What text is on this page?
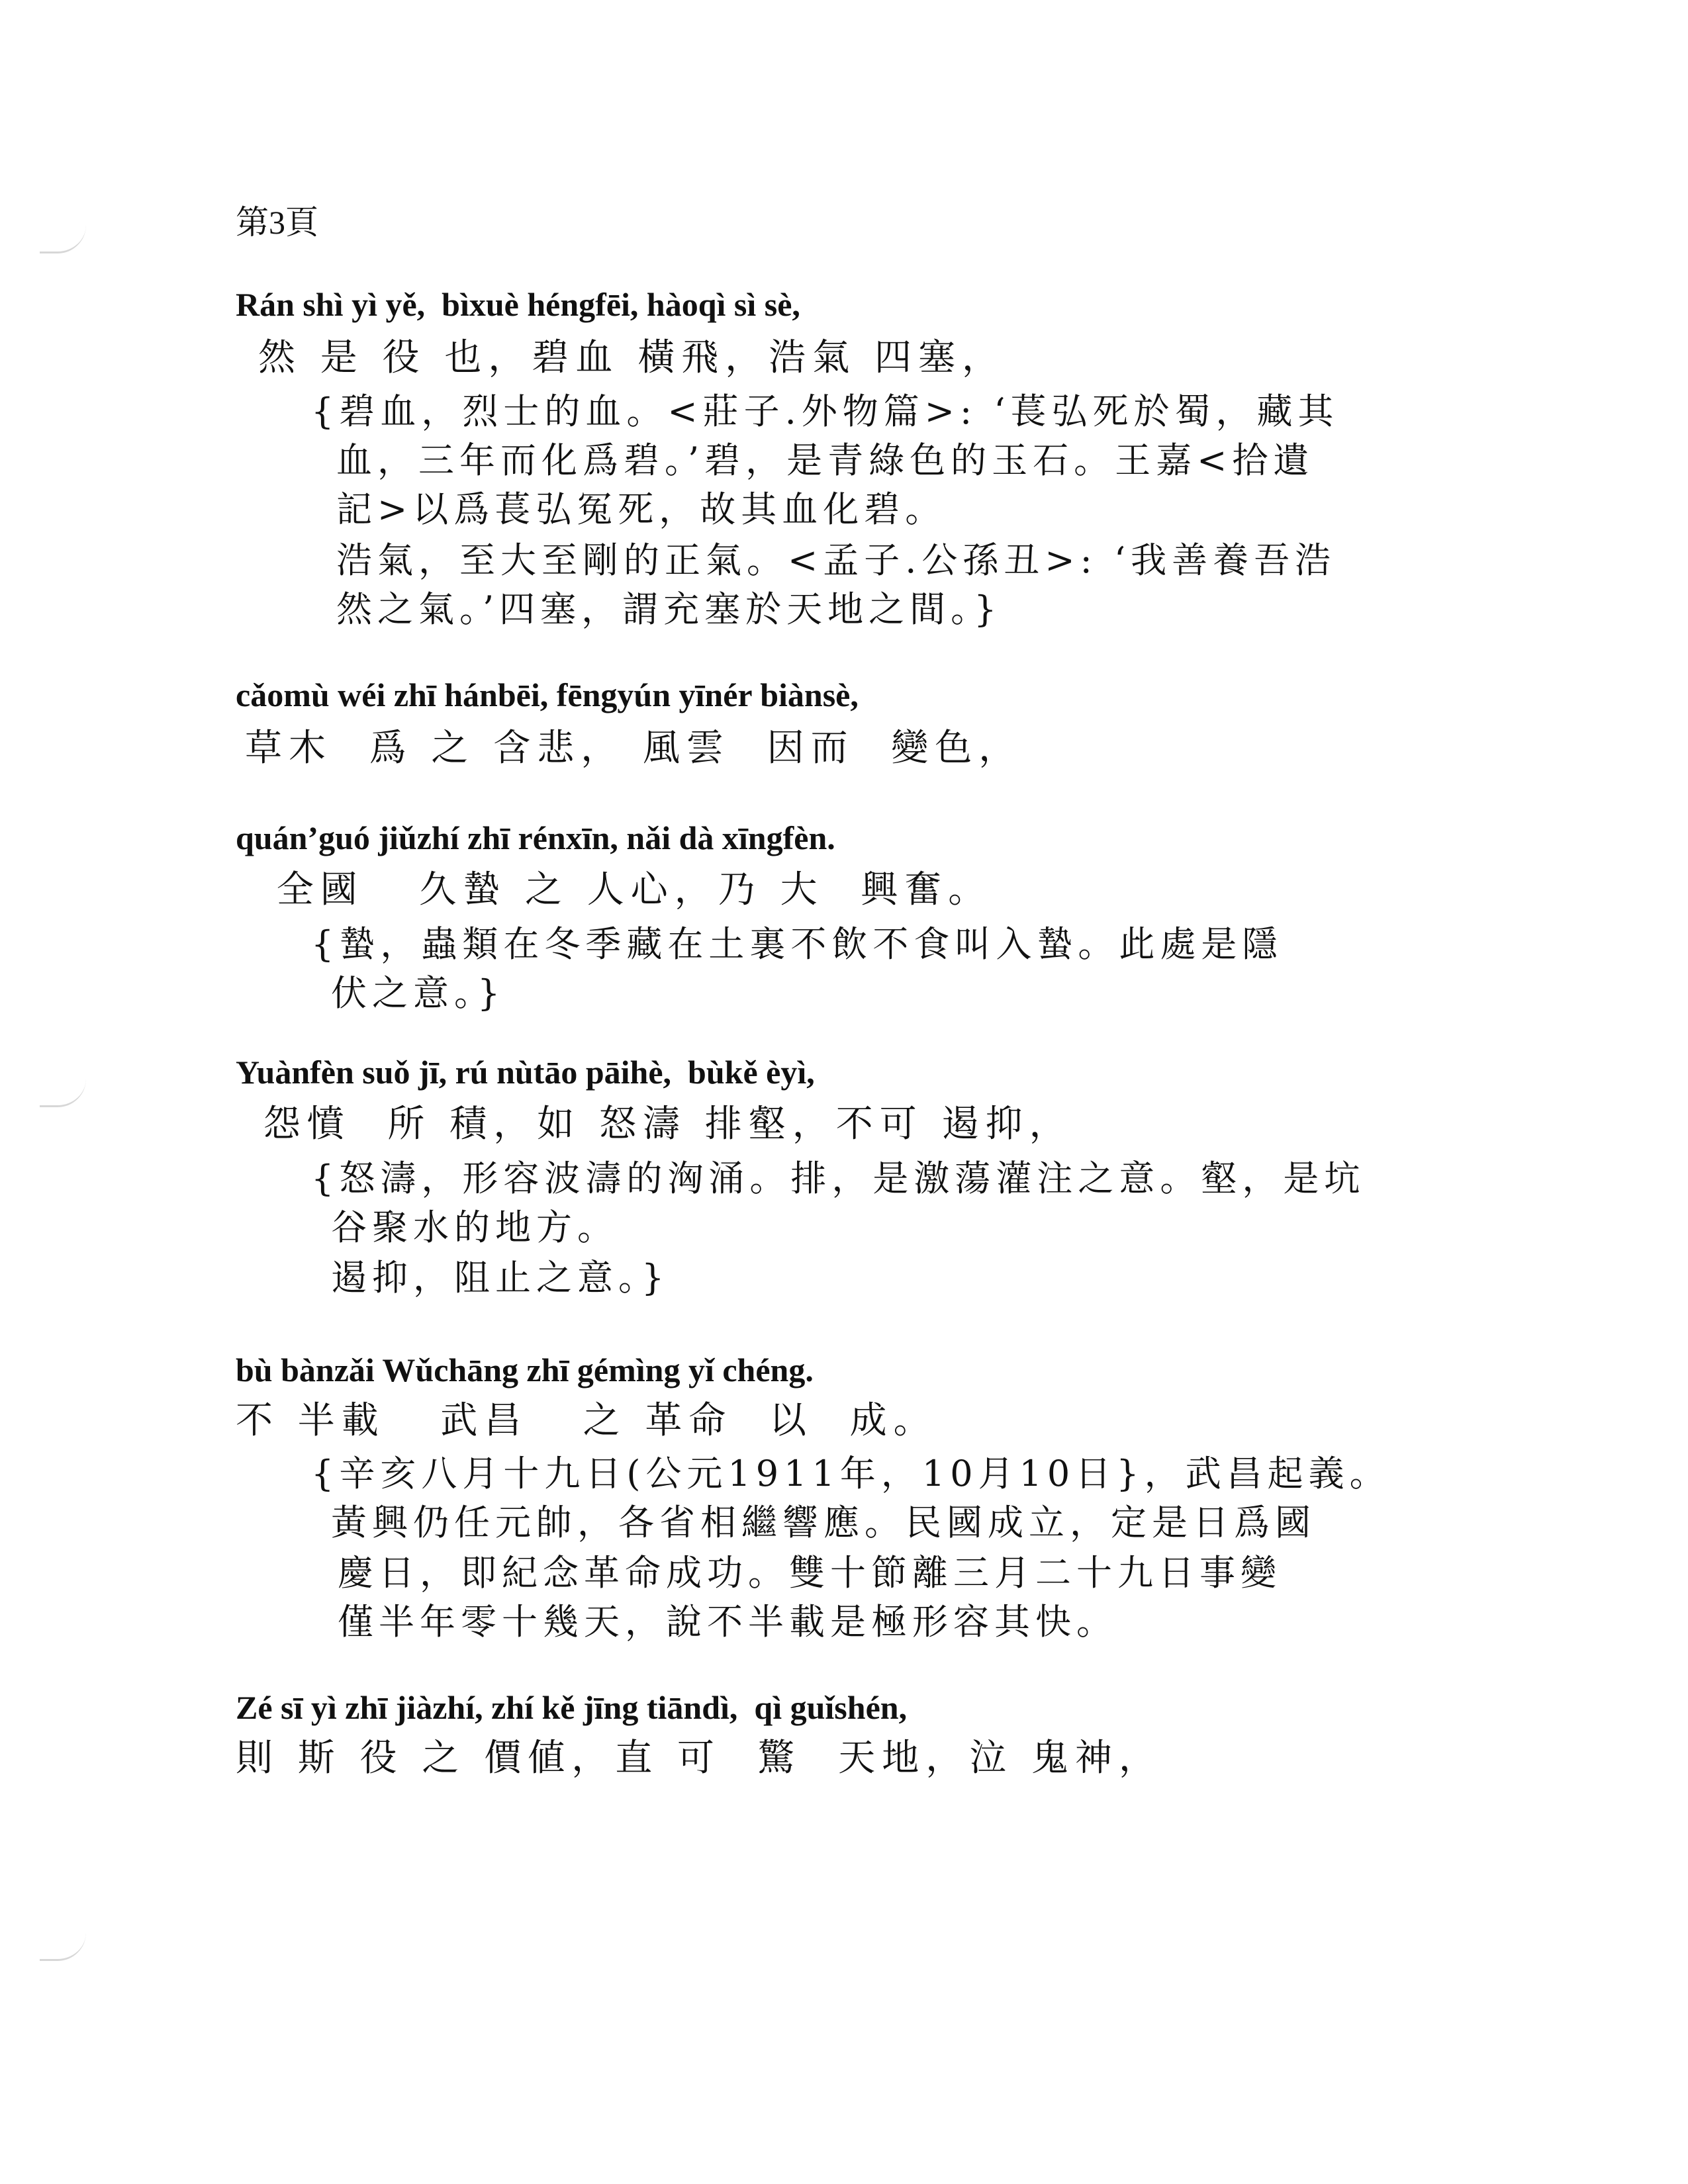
第3頁
Rán shì yì yě,  bìxuè héngfēi, hàoqì sì sè,
然 是 役 也，碧血 橫飛，浩氣 四塞，
{碧血，烈士的血。<莊子.外物篇>: ‘萇弘死於蜀，藏其
血，三年而化爲碧。’碧，是青綠色的玉石。王嘉<拾遺
記>以爲萇弘冤死，故其血化碧。
浩氣，至大至剛的正氣。<孟子.公孫丑>: ‘我善養吾浩
然之氣。’四塞，謂充塞於天地之間。}
cǎomù wéi zhī hánbēi, fēngyún yīnér biànsè,
草木  爲 之 含悲， 風雲  因而  變色，
quán’guó jiǔzhí zhī rénxīn, nǎi dà xīngfèn.
全國   久蟄 之 人心，乃 大  興奮。
{蟄，蟲類在冬季藏在土裏不飲不食叫入蟄。此處是隱
伏之意。}
Yuànfèn suǒ jī, rú nùtāo pāihè,  bùkě èyì,
怨憤  所 積，如 怒濤 排壑，不可 遏抑，
{怒濤，形容波濤的洶涌。排，是激蕩灌注之意。壑，是坑
谷聚水的地方。
遏抑，阻止之意。}
bù bànzǎi Wǔchāng zhī gémìng yǐ chéng.
不 半載   武昌   之 革命  以  成。
{辛亥八月十九日(公元1911年，10月10日}，武昌起義。
黃興仍任元帥，各省相繼響應。民國成立，定是日爲國
慶日，即紀念革命成功。雙十節離三月二十九日事變
僅半年零十幾天，說不半載是極形容其快。
Zé sī yì zhī jiàzhí, zhí kě jīng tiāndì,  qì guǐshén,
則 斯 役 之 價値，直 可  驚  天地，泣 鬼神，
